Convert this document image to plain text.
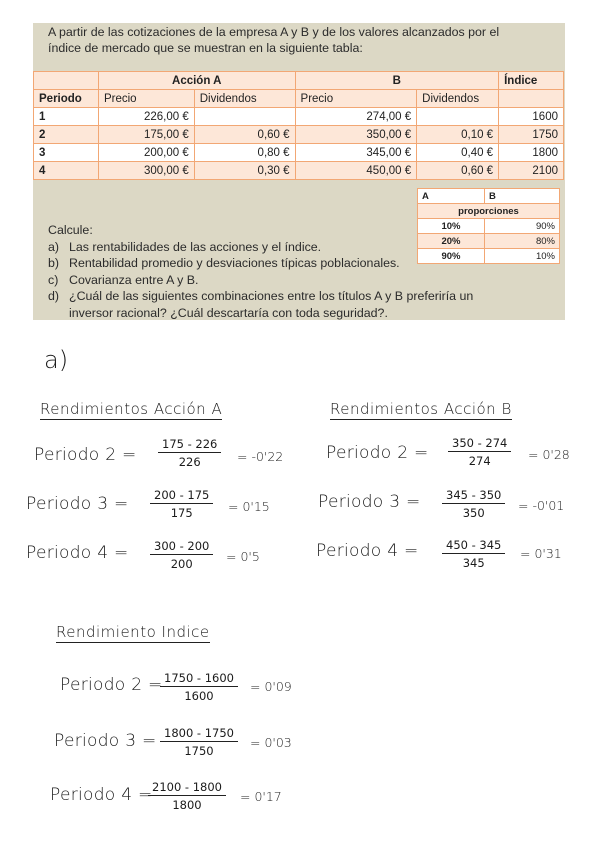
A partir de las cotizaciones de la empresa A y B y de los valores alcanzados por el índice de mercado que se muestran en la siguiente tabla:
	Acción A		B		Índice
Periodo	Precio	Dividendos	Precio	Dividendos	
1	226,00 €		274,00 €		1600
2	175,00 €	0,60 €	350,00 €	0,10 €	1750
3	200,00 €	0,80 €	345,00 €	0,40 €	1800
4	300,00 €	0,30 €	450,00 €	0,60 €	2100
A	B
proporciones	
10%	90%
20%	80%
90%	10%
Calcule:
a) Las rentabilidades de las acciones y el índice.
b) Rentabilidad promedio y desviaciones típicas poblacionales.
c) Covarianza entre A y B.
d) ¿Cuál de las siguientes combinaciones entre los títulos A y B preferiría un inversor racional? ¿Cuál descartaría con toda seguridad?.
a)
Rendimientos Acción A
Periodo $2 = \frac{175 - 226}{226} = -0'22$
Periodo $3 = \frac{200 - 175}{175} = 0'15$
Periodo $4 = \frac{300 - 200}{200} = 0'5$
Rendimientos Acción B
Periodo $2 = \frac{350 - 274}{274} = 0'28$
Periodo $3 = \frac{345 - 350}{350} = -0'01$
Periodo $4 = \frac{450 - 345}{345} = 0'31$
Rendimiento Indice
Periodo 2 =
$\frac{1750 - 1600}{1600} = 0'09$
Periodo $3 = \frac{1800 - 1750}{1750} = 0'03$
Periodo 4 =
$\frac{2100 - 1800}{1800} = 0'17$
